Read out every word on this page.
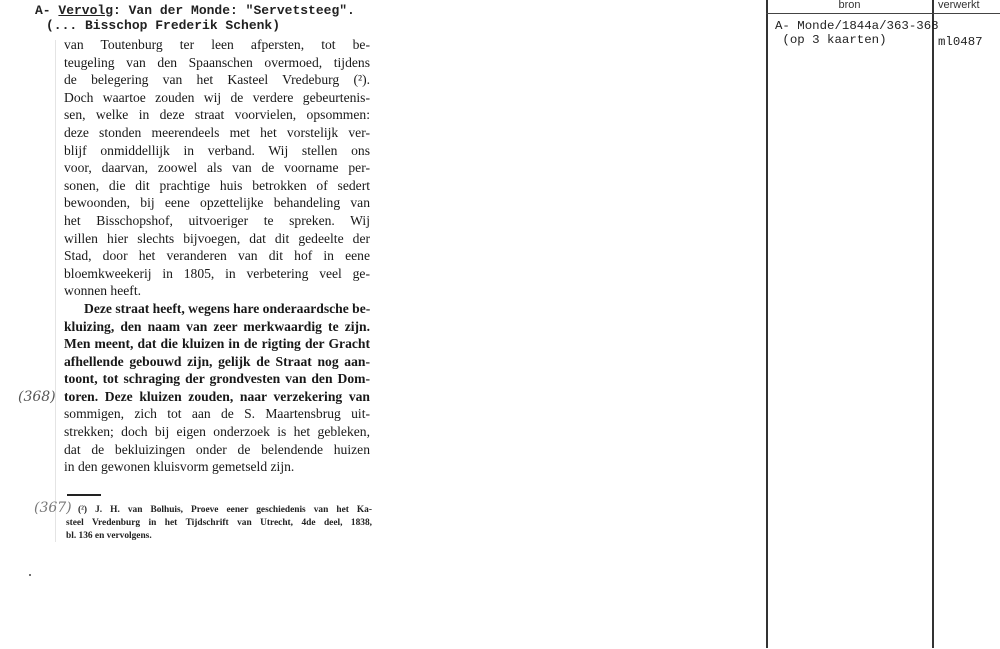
A- Vervolg: Van der Monde: "Servetsteeg".
(... Bisschop Frederik Schenk)
van Toutenburg ter leen afpersten, tot be-
teugeling van den Spaanschen overmoed, tijdens
de belegering van het Kasteel Vredeburg (²).
Doch waartoe zouden wij de verdere gebeurtenis-
sen, welke in deze straat voorvielen, opsommen:
deze stonden meerendeels met het vorstelijk ver-
blijf onmiddellijk in verband. Wij stellen ons
voor, daarvan, zoowel als van de voorname per-
sonen, die dit prachtige huis betrokken of sedert
bewoonden, bij eene opzettelijke behandeling van
het Bisschopshof, uitvoeriger te spreken. Wij
willen hier slechts bijvoegen, dat dit gedeelte der
Stad, door het veranderen van dit hof in eene
bloemkweekerij in 1805, in verbetering veel ge-
wonnen heeft.
Deze straat heeft, wegens hare onderaardsche be-
kluizing, den naam van zeer merkwaardig te zijn.
Men meent, dat die kluizen in de rigting der Gracht
afhellende gebouwd zijn, gelijk de Straat nog aan-
toont, tot schraging der grondvesten van den Dom-
toren. Deze kluizen zouden, naar verzekering van
sommigen, zich tot aan de S. Maartensbrug uit-
strekken; doch bij eigen onderzoek is het gebleken,
dat de bekluizingen onder de belendende huizen
in den gewonen kluisvorm gemetseld zijn.
(368)
(367) (²) J. H. van Bolhuis, Proeve eener geschiedenis van het Ka-
steel Vredenburg in het Tijdschrift van Utrecht, 4de deel, 1838,
bl. 136 en vervolgens.
bron	verwerkt
A- Monde/1844a/363-368
(op 3 kaarten)	ml0487
